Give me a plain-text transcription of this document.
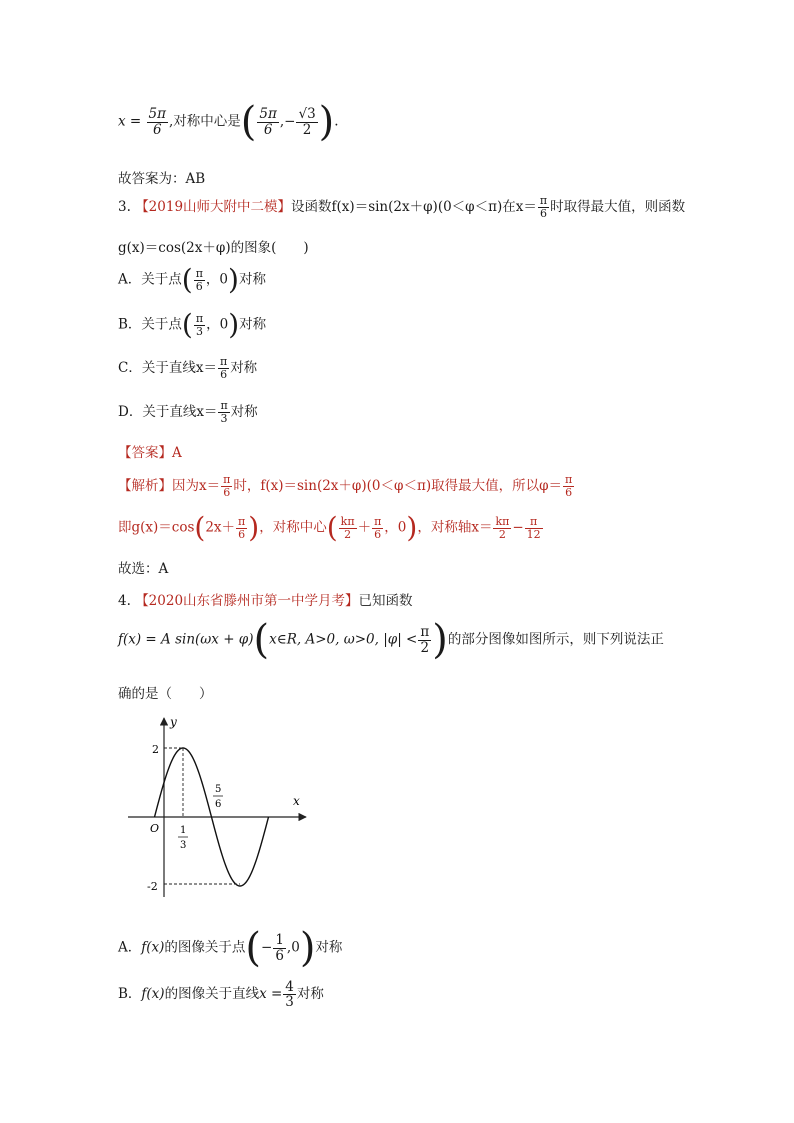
$x = \frac{5\pi}{6}$ ,对称中心是( $\frac{5\pi}{6}$ ,− $\frac{√3}{2}$ ).
故答案为：AB
3. 【2019山师大附中二模】设函数f(x)＝sin(2x＋φ)(0＜φ＜π)在$x= \frac{\pi}{6}$ 时取得最大值，则函数
g(x)＝cos(2x＋φ)的图象(　　)
A．关于点( $\frac{\pi}{6}$ ，0)对称
B．关于点( $\frac{\pi}{3}$ ，0)对称
C．关于直线$x= \frac{\pi}{6}$ 对称
D．关于直线$x= \frac{\pi}{3}$ 对称
【答案】A
【解析】因为$x= \frac{\pi}{6}$ 时，f(x)＝sin(2x＋φ)(0＜φ＜π)取得最大值，所以$\varphi= \frac{\pi}{6}$
即$g(x)=\cos(2x+ \frac{\pi}{6}$ )，对称中心( $\frac{k\pi}{2} + \frac{\pi}{6}$ ，0)，对称轴$x= \frac{k\pi}{2} - \frac{\pi}{12}$
故选：A
4. 【2020山东省滕州市第一中学月考】已知函数
f(x) = A sin(ωx + φ)(x∈R, A>0, ω>0, $|\varphi| < \frac{\pi}{2}$ )的部分图像如图所示，则下列说法正
确的是（　　）
y
x
O
2
-2
1
3
5
6
A．f(x)的图像关于点(− $\frac{1}{6} ,0$)对称
B．f(x)的图像关于直线$x = \frac{4}{3}$ 对称
